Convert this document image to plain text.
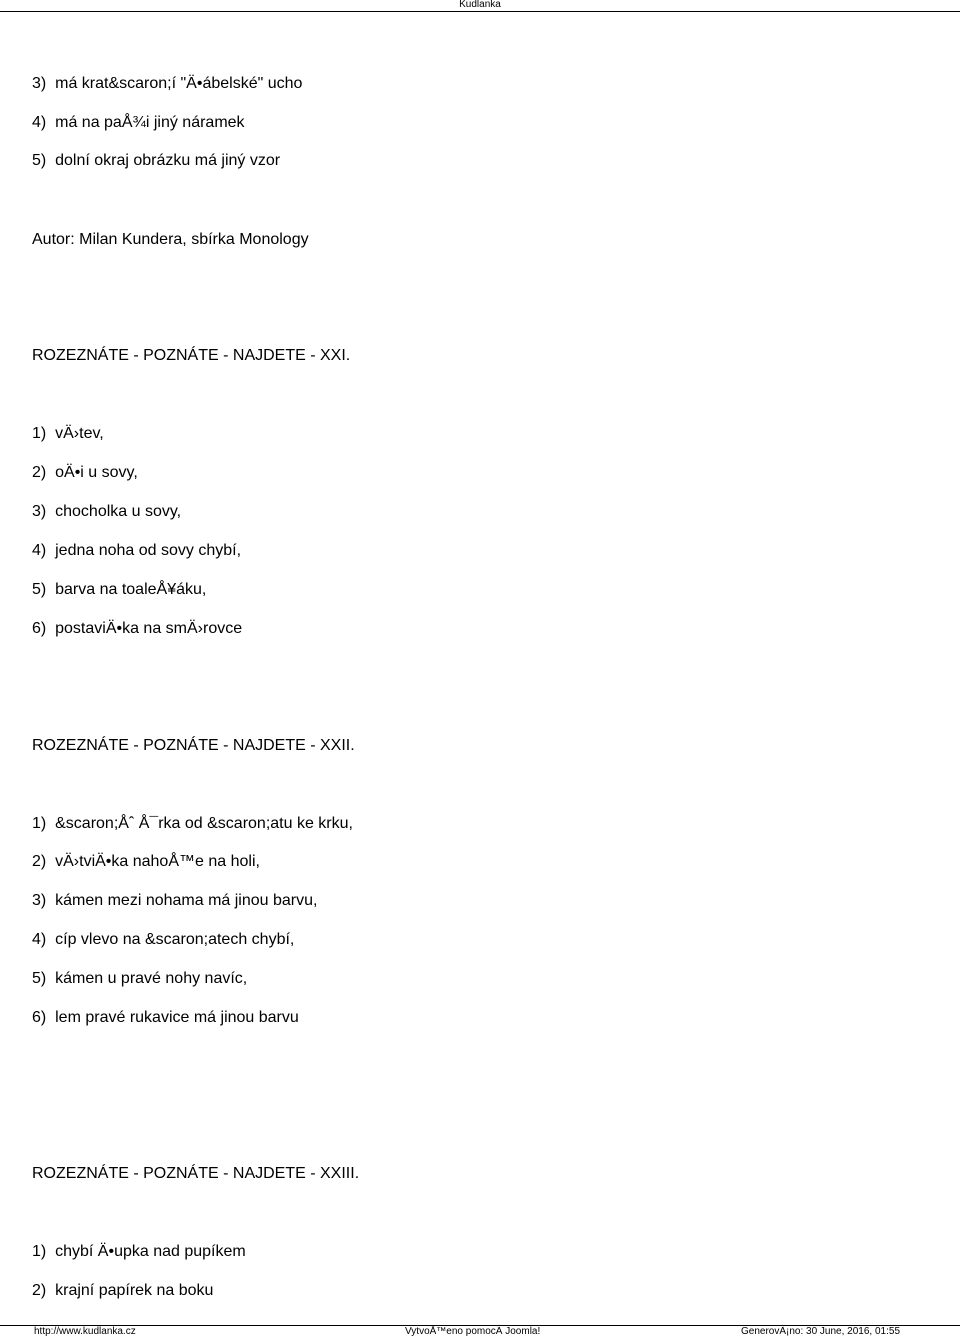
Kudlanka
3)  má krat&scaron;í "Ä•ábelské" ucho
4)  má na paÅ¾i jiný náramek
5)  dolní okraj obrázku má jiný vzor
Autor: Milan Kundera, sbírka Monology
ROZEZNÁTE - POZNÁTE - NAJDETE - XXI.
1)  vÄ›tev,
2)  oÄ•i u sovy,
3)  chocholka u sovy,
4)  jedna noha od sovy chybí,
5)  barva na toaleÅ¥áku,
6)  postaviÄ•ka na smÄ›rovce
ROZEZNÁTE - POZNÁTE - NAJDETE - XXII.
1)  &scaron;Åˆ Å¯rka od &scaron;atu ke krku,
2)  vÄ›tviÄ•ka nahoÅ™e na holi,
3)  kámen mezi nohama má jinou barvu,
4)  cíp vlevo na &scaron;atech chybí,
5)  kámen u pravé nohy navíc,
6)  lem pravé rukavice má jinou barvu
ROZEZNÁTE - POZNÁTE - NAJDETE - XXIII.
1)  chybí Ä•upka nad pupíkem
2)  krajní papírek na boku
http://www.kudlanka.cz	VytvoÅ™eno pomocÃ Joomla!	GenerovÃ¡no: 30 June, 2016, 01:55
